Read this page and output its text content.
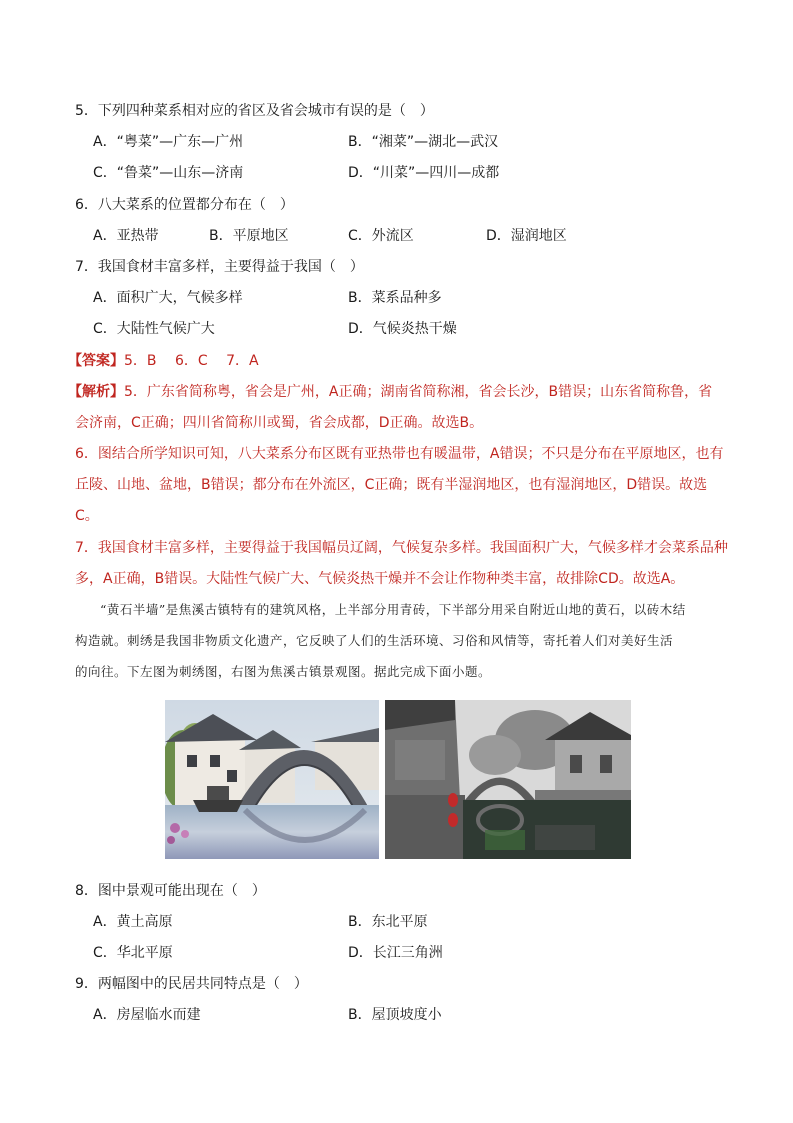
5．下列四种菜系相对应的省区及省会城市有误的是（　）
A．“粤菜”—广东—广州	B．“湘菜”—湖北—武汉
C．“鲁菜”—山东—济南	D．“川菜”—四川—成都
6．八大菜系的位置都分布在（　）
A．亚热带	B．平原地区	C．外流区	D．湿润地区
7．我国食材丰富多样，主要得益于我国（　）
A．面积广大，气候多样	B．菜系品种多
C．大陆性气候广大	D．气候炎热干燥
【答案】5．B　 6．C　 7．A
【解析】5．广东省简称粤，省会是广州，A正确；湖南省简称湘，省会长沙，B错误；山东省简称鲁，省
会济南，C正确；四川省简称川或蜀，省会成都，D正确。故选B。
6．图结合所学知识可知，八大菜系分布区既有亚热带也有暖温带，A错误；不只是分布在平原地区，也有
丘陵、山地、盆地，B错误；都分布在外流区，C正确；既有半湿润地区，也有湿润地区，D错误。故选
C。
7．我国食材丰富多样，主要得益于我国幅员辽阔，气候复杂多样。我国面积广大，气候多样才会菜系品种
多，A正确，B错误。大陆性气候广大、气候炎热干燥并不会让作物种类丰富，故排除CD。故选A。
“黄石半墙”是焦溪古镇特有的建筑风格，上半部分用青砖，下半部分用采自附近山地的黄石，以砖木结
构造就。刺绣是我国非物质文化遗产，它反映了人们的生活环境、习俗和风情等，寄托着人们对美好生活
的向往。下左图为刺绣图，右图为焦溪古镇景观图。据此完成下面小题。
8．图中景观可能出现在（　）
A．黄土高原	B．东北平原
C．华北平原	D．长江三角洲
9．两幅图中的民居共同特点是（　）
A．房屋临水而建	B．屋顶坡度小
